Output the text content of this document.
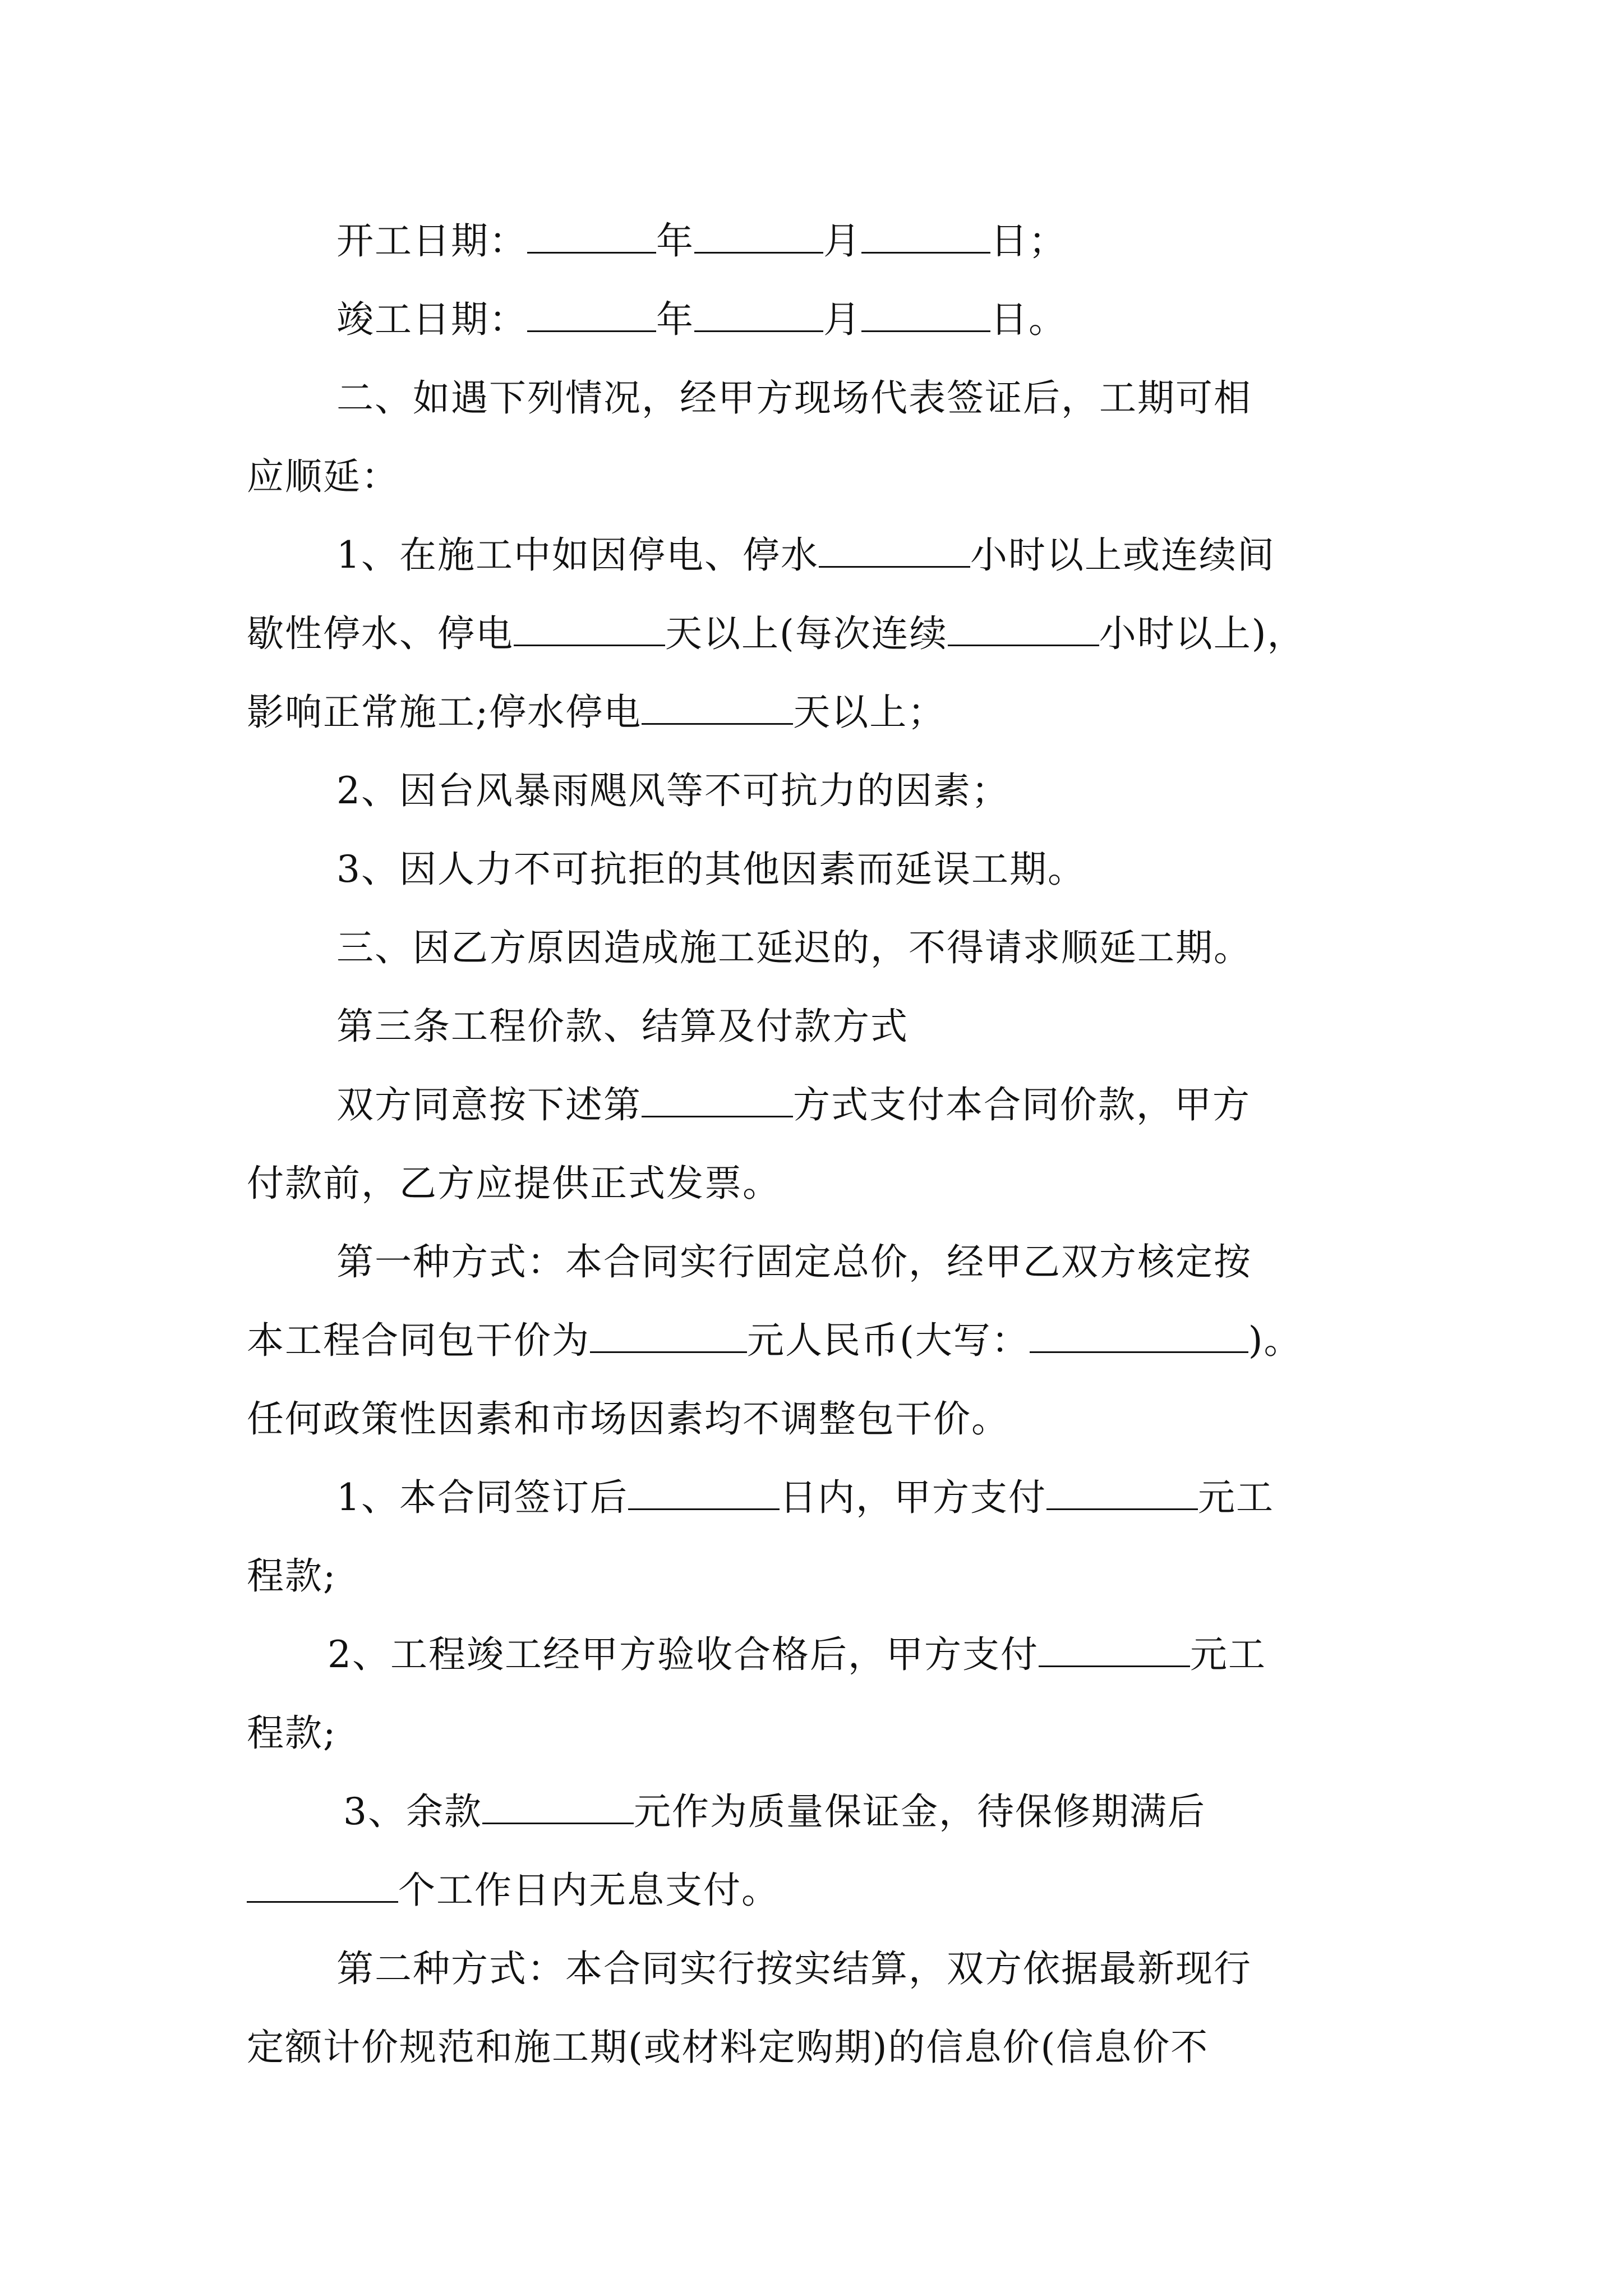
开工日期：	年	月	日；
竣工日期：	年	月	日。
二、如遇下列情况，经甲方现场代表签证后，工期可相
应顺延：
1、在施工中如因停电、停水	小时以上或连续间
歇性停水、停电	天以上(每次连续	小时以上)，
影响正常施工;停水停电	天以上；
2、因台风暴雨飓风等不可抗力的因素；
3、因人力不可抗拒的其他因素而延误工期。
三、因乙方原因造成施工延迟的，不得请求顺延工期。
第三条工程价款、结算及付款方式
双方同意按下述第	方式支付本合同价款，甲方
付款前，乙方应提供正式发票。
第一种方式：本合同实行固定总价，经甲乙双方核定按
本工程合同包干价为	元人民币(大写：	)。
任何政策性因素和市场因素均不调整包干价。
1、本合同签订后	日内，甲方支付	元工
程款;
2、工程竣工经甲方验收合格后，甲方支付	元工
程款;
3、余款	元作为质量保证金，待保修期满后
个工作日内无息支付。
第二种方式：本合同实行按实结算，双方依据最新现行
定额计价规范和施工期(或材料定购期)的信息价(信息价不
